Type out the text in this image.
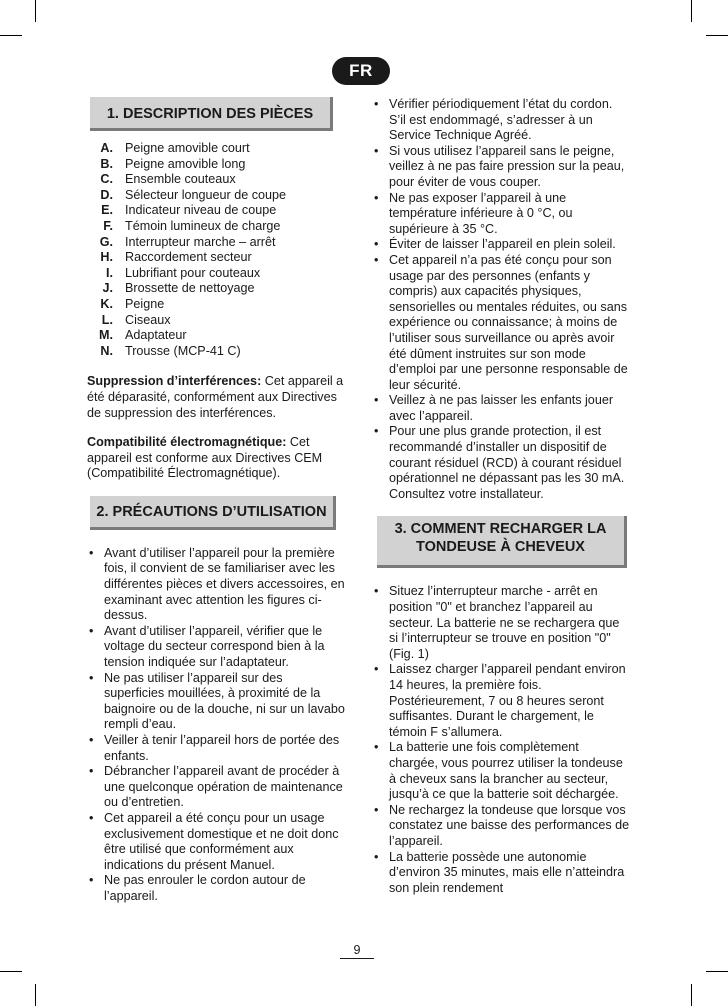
FR
1. DESCRIPTION DES PIÈCES
A. Peigne amovible court
B. Peigne amovible long
C. Ensemble couteaux
D. Sélecteur longueur de coupe
E. Indicateur niveau de coupe
F. Témoin lumineux de charge
G. Interrupteur marche – arrêt
H. Raccordement secteur
I. Lubrifiant pour couteaux
J. Brossette de nettoyage
K. Peigne
L. Ciseaux
M. Adaptateur
N. Trousse (MCP-41 C)

Suppression d’interférences: Cet appareil a été déparasité, conformément aux Directives de suppression des interférences.

Compatibilité électromagnétique: Cet appareil est conforme aux Directives CEM (Compatibilité Électromagnétique).

2. PRÉCAUTIONS D’UTILISATION
• Avant d’utiliser l’appareil pour la première fois, il convient de se familiariser avec les différentes pièces et divers accessoires, en examinant avec attention les figures ci-dessus.
• Avant d’utiliser l’appareil, vérifier que le voltage du secteur correspond bien à la tension indiquée sur l’adaptateur.
• Ne pas utiliser l’appareil sur des superficies mouillées, à proximité de la baignoire ou de la douche, ni sur un lavabo rempli d’eau.
• Veiller à tenir l’appareil hors de portée des enfants.
• Débrancher l’appareil avant de procéder à une quelconque opération de maintenance ou d’entretien.
• Cet appareil a été conçu pour un usage exclusivement domestique et ne doit donc être utilisé que conformément aux indications du présent Manuel.
• Ne pas enrouler le cordon autour de l’appareil.
• Vérifier périodiquement l’état du cordon. S’il est endommagé, s’adresser à un Service Technique Agréé.
• Si vous utilisez l’appareil sans le peigne, veillez à ne pas faire pression sur la peau, pour éviter de vous couper.
• Ne pas exposer l’appareil à une température inférieure à 0 °C, ou supérieure à 35 °C.
• Éviter de laisser l’appareil en plein soleil.
• Cet appareil n’a pas été conçu pour son usage par des personnes (enfants y compris) aux capacités physiques, sensorielles ou mentales réduites, ou sans expérience ou connaissance; à moins de l’utiliser sous surveillance ou après avoir été dûment instruites sur son mode d’emploi par une personne responsable de leur sécurité.
• Veillez à ne pas laisser les enfants jouer avec l’appareil.
• Pour une plus grande protection, il est recommandé d’installer un dispositif de courant résiduel (RCD) à courant résiduel opérationnel ne dépassant pas les 30 mA. Consultez votre installateur.
3. COMMENT RECHARGER LA
TONDEUSE À CHEVEUX
• Situez l’interrupteur marche - arrêt en position "0" et branchez l’appareil au secteur. La batterie ne se rechargera que si l’interrupteur se trouve en position "0" (Fig. 1)
• Laissez charger l’appareil pendant environ 14 heures, la première fois. Postérieurement, 7 ou 8 heures seront suffisantes. Durant le chargement, le témoin F s’allumera.
• La batterie une fois complètement chargée, vous pourrez utiliser la tondeuse à cheveux sans la brancher au secteur, jusqu’à ce que la batterie soit déchargée.
• Ne rechargez la tondeuse que lorsque vos constatez une baisse des performances de l’appareil.
• La batterie possède une autonomie d’environ 35 minutes, mais elle n’atteindra son plein rendement
9
